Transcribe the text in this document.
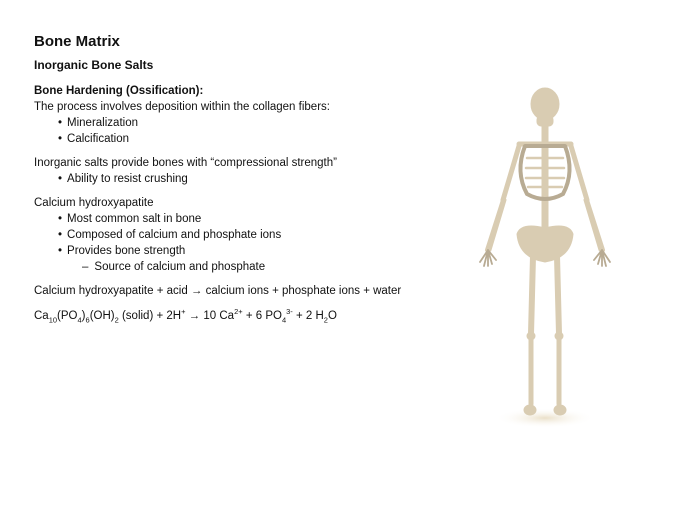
Bone Matrix
Inorganic Bone Salts

Bone Hardening (Ossification):

The process involves deposition within the collagen fibers:

• Mineralization

• Calcification

Inorganic salts provide bones with “compressional strength”

• Ability to resist crushing

Calcium hydroxyapatite

• Most common salt in bone

• Composed of calcium and phosphate ions

• Provides bone strength

– Source of calcium and phosphate

Calcium hydroxyapatite + acid → calcium ions + phosphate ions + water

$Ca_{10}(PO_4)_6(OH)_2$ (solid) + 2H+ → 10 $Ca^{2+} + 6$ $PO_4^{3-} + 2$ $H_2O$
